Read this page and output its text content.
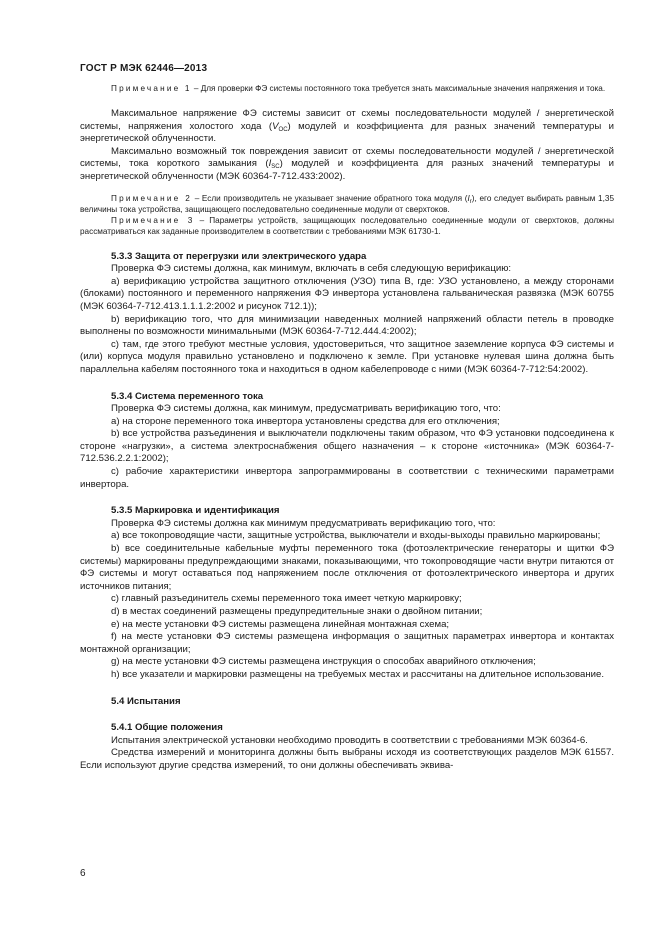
ГОСТ Р МЭК 62446—2013

Примечание 1 – Для проверки ФЭ системы постоянного тока требуется знать максимальные значения напряжения и тока.

Максимальное напряжение ФЭ системы зависит от схемы последовательности модулей / энергетической системы, напряжения холостого хода $(V_{OC})$ модулей и коэффициента для разных значений температуры и энергетической облученности.

Максимально возможный ток повреждения зависит от схемы последовательности модулей / энергетической системы, тока короткого замыкания $(I_{SC})$ модулей и коэффициента для разных значений температуры и энергетической облученности (МЭК 60364-7-712.433:2002).

Примечание 2 – Если производитель не указывает значение обратного тока модуля $(I_r)$, его следует выбирать равным 1,35 величины тока устройства, защищающего последовательно соединенные модули от сверхтоков.

Примечание 3 – Параметры устройств, защищающих последовательно соединенные модули от сверхтоков, должны рассматриваться как заданные производителем в соответствии с требованиями МЭК 61730-1.

5.3.3 Защита от перегрузки или электрического удара

Проверка ФЭ системы должна, как минимум, включать в себя следующую верификацию:

a) верификацию устройства защитного отключения (УЗО) типа В, где: УЗО установлено, а между сторонами (блоками) постоянного и переменного напряжения ФЭ инвертора установлена гальваническая развязка (МЭК 60755 (МЭК 60364-7-712.413.1.1.1.2:2002 и рисунок 712.1));

b) верификацию того, что для минимизации наведенных молнией напряжений области петель в проводке выполнены по возможности минимальными (МЭК 60364-7-712.444.4:2002);

c) там, где этого требуют местные условия, удостовериться, что защитное заземление корпуса ФЭ системы и (или) корпуса модуля правильно установлено и подключено к земле. При установке нулевая шина должна быть параллельна кабелям постоянного тока и находиться в одном кабелепроводе с ними (МЭК 60364-7-712:54:2002).

5.3.4 Система переменного тока

Проверка ФЭ системы должна, как минимум, предусматривать верификацию того, что:

a) на стороне переменного тока инвертора установлены средства для его отключения;

b) все устройства разъединения и выключатели подключены таким образом, что ФЭ установки подсоединена к стороне «нагрузки», а система электроснабжения общего назначения – к стороне «источника» (МЭК 60364-7-712.536.2.2.1:2002);

c) рабочие характеристики инвертора запрограммированы в соответствии с техническими параметрами инвертора.

5.3.5 Маркировка и идентификация

Проверка ФЭ системы должна как минимум предусматривать верификацию того, что:

a) все токопроводящие части, защитные устройства, выключатели и входы-выходы правильно маркированы;

b) все соединительные кабельные муфты переменного тока (фотоэлектрические генераторы и щитки ФЭ системы) маркированы предупреждающими знаками, показывающими, что токопроводящие части внутри питаются от ФЭ системы и могут оставаться под напряжением после отключения от фотоэлектрического инвертора и других источников питания;

c) главный разъединитель схемы переменного тока имеет четкую маркировку;

d) в местах соединений размещены предупредительные знаки о двойном питании;

e) на месте установки ФЭ системы размещена линейная монтажная схема;

f) на месте установки ФЭ системы размещена информация о защитных параметрах инвертора и контактах монтажной организации;

g) на месте установки ФЭ системы размещена инструкция о способах аварийного отключения;

h) все указатели и маркировки размещены на требуемых местах и рассчитаны на длительное использование.

5.4 Испытания

5.4.1 Общие положения

Испытания электрической установки необходимо проводить в соответствии с требованиями МЭК 60364-6.

Средства измерений и мониторинга должны быть выбраны исходя из соответствующих разделов МЭК 61557. Если используют другие средства измерений, то они должны обеспечивать эквива-

6
